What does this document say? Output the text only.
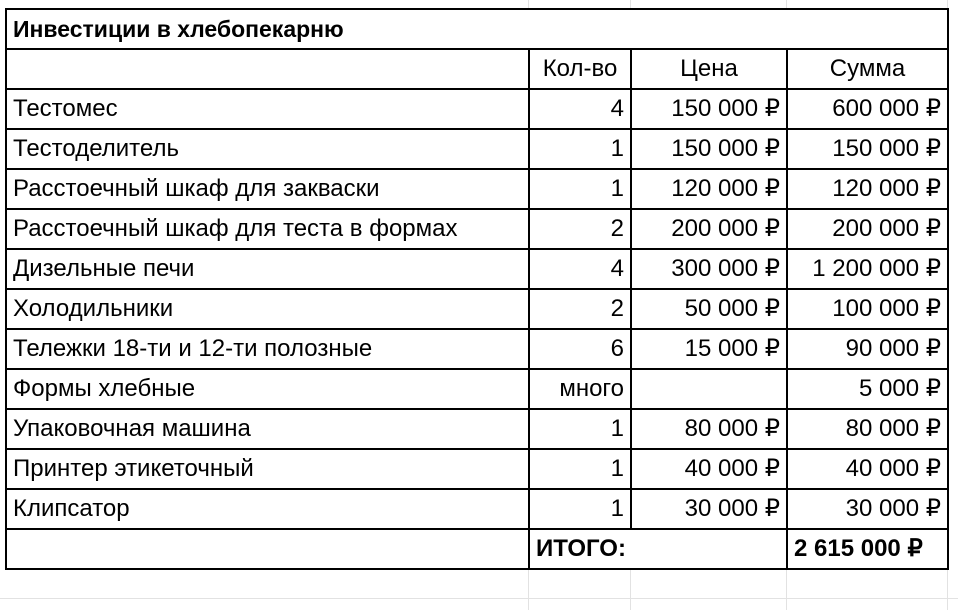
Инвестиции в хлебопекарню			
	Кол-во	Цена	Сумма
Тестомес	4	150 000 ₽	600 000 ₽
Тестоделитель	1	150 000 ₽	150 000 ₽
Расстоечный шкаф для закваски	1	120 000 ₽	120 000 ₽
Расстоечный шкаф для теста в формах	2	200 000 ₽	200 000 ₽
Дизельные печи	4	300 000 ₽	1 200 000 ₽
Холодильники	2	50 000 ₽	100 000 ₽
Тележки 18-ти и 12-ти полозные	6	15 000 ₽	90 000 ₽
Формы хлебные	много		5 000 ₽
Упаковочная машина	1	80 000 ₽	80 000 ₽
Принтер этикеточный	1	40 000 ₽	40 000 ₽
Клипсатор	1	30 000 ₽	30 000 ₽
	ИТОГО:		2 615 000 ₽
